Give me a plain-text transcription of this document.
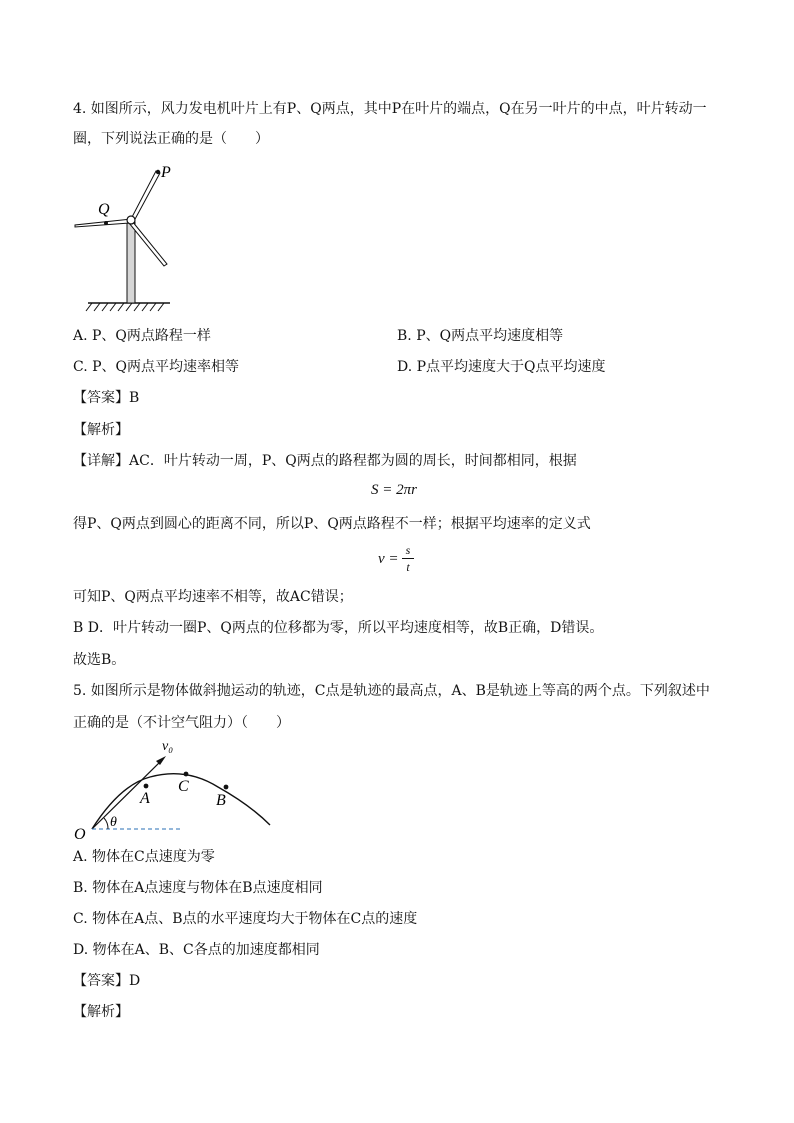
4. 如图所示，风力发电机叶片上有P、Q两点，其中P在叶片的端点，Q在另一叶片的中点，叶片转动一
圈，下列说法正确的是（　　）
P
Q
A. P、Q两点路程一样	B. P、Q两点平均速度相等
C. P、Q两点平均速率相等	D. P点平均速度大于Q点平均速度
【答案】B
【解析】
【详解】AC．叶片转动一周，P、Q两点的路程都为圆的周长，时间都相同，根据
S = 2πr
得P、Q两点到圆心的距离不同，所以P、Q两点路程不一样；根据平均速率的定义式
v =
s
t
可知P、Q两点平均速率不相等，故AC错误；
B D．叶片转动一圈P、Q两点的位移都为零，所以平均速度相等，故B正确，D错误。
故选B。
5. 如图所示是物体做斜抛运动的轨迹，C点是轨迹的最高点，A、B是轨迹上等高的两个点。下列叙述中
正确的是（不计空气阻力）（　　）
v₀
O
θ
A
C
B
A. 物体在C点速度为零
B. 物体在A点速度与物体在B点速度相同
C. 物体在A点、B点的水平速度均大于物体在C点的速度
D. 物体在A、B、C各点的加速度都相同
【答案】D
【解析】
